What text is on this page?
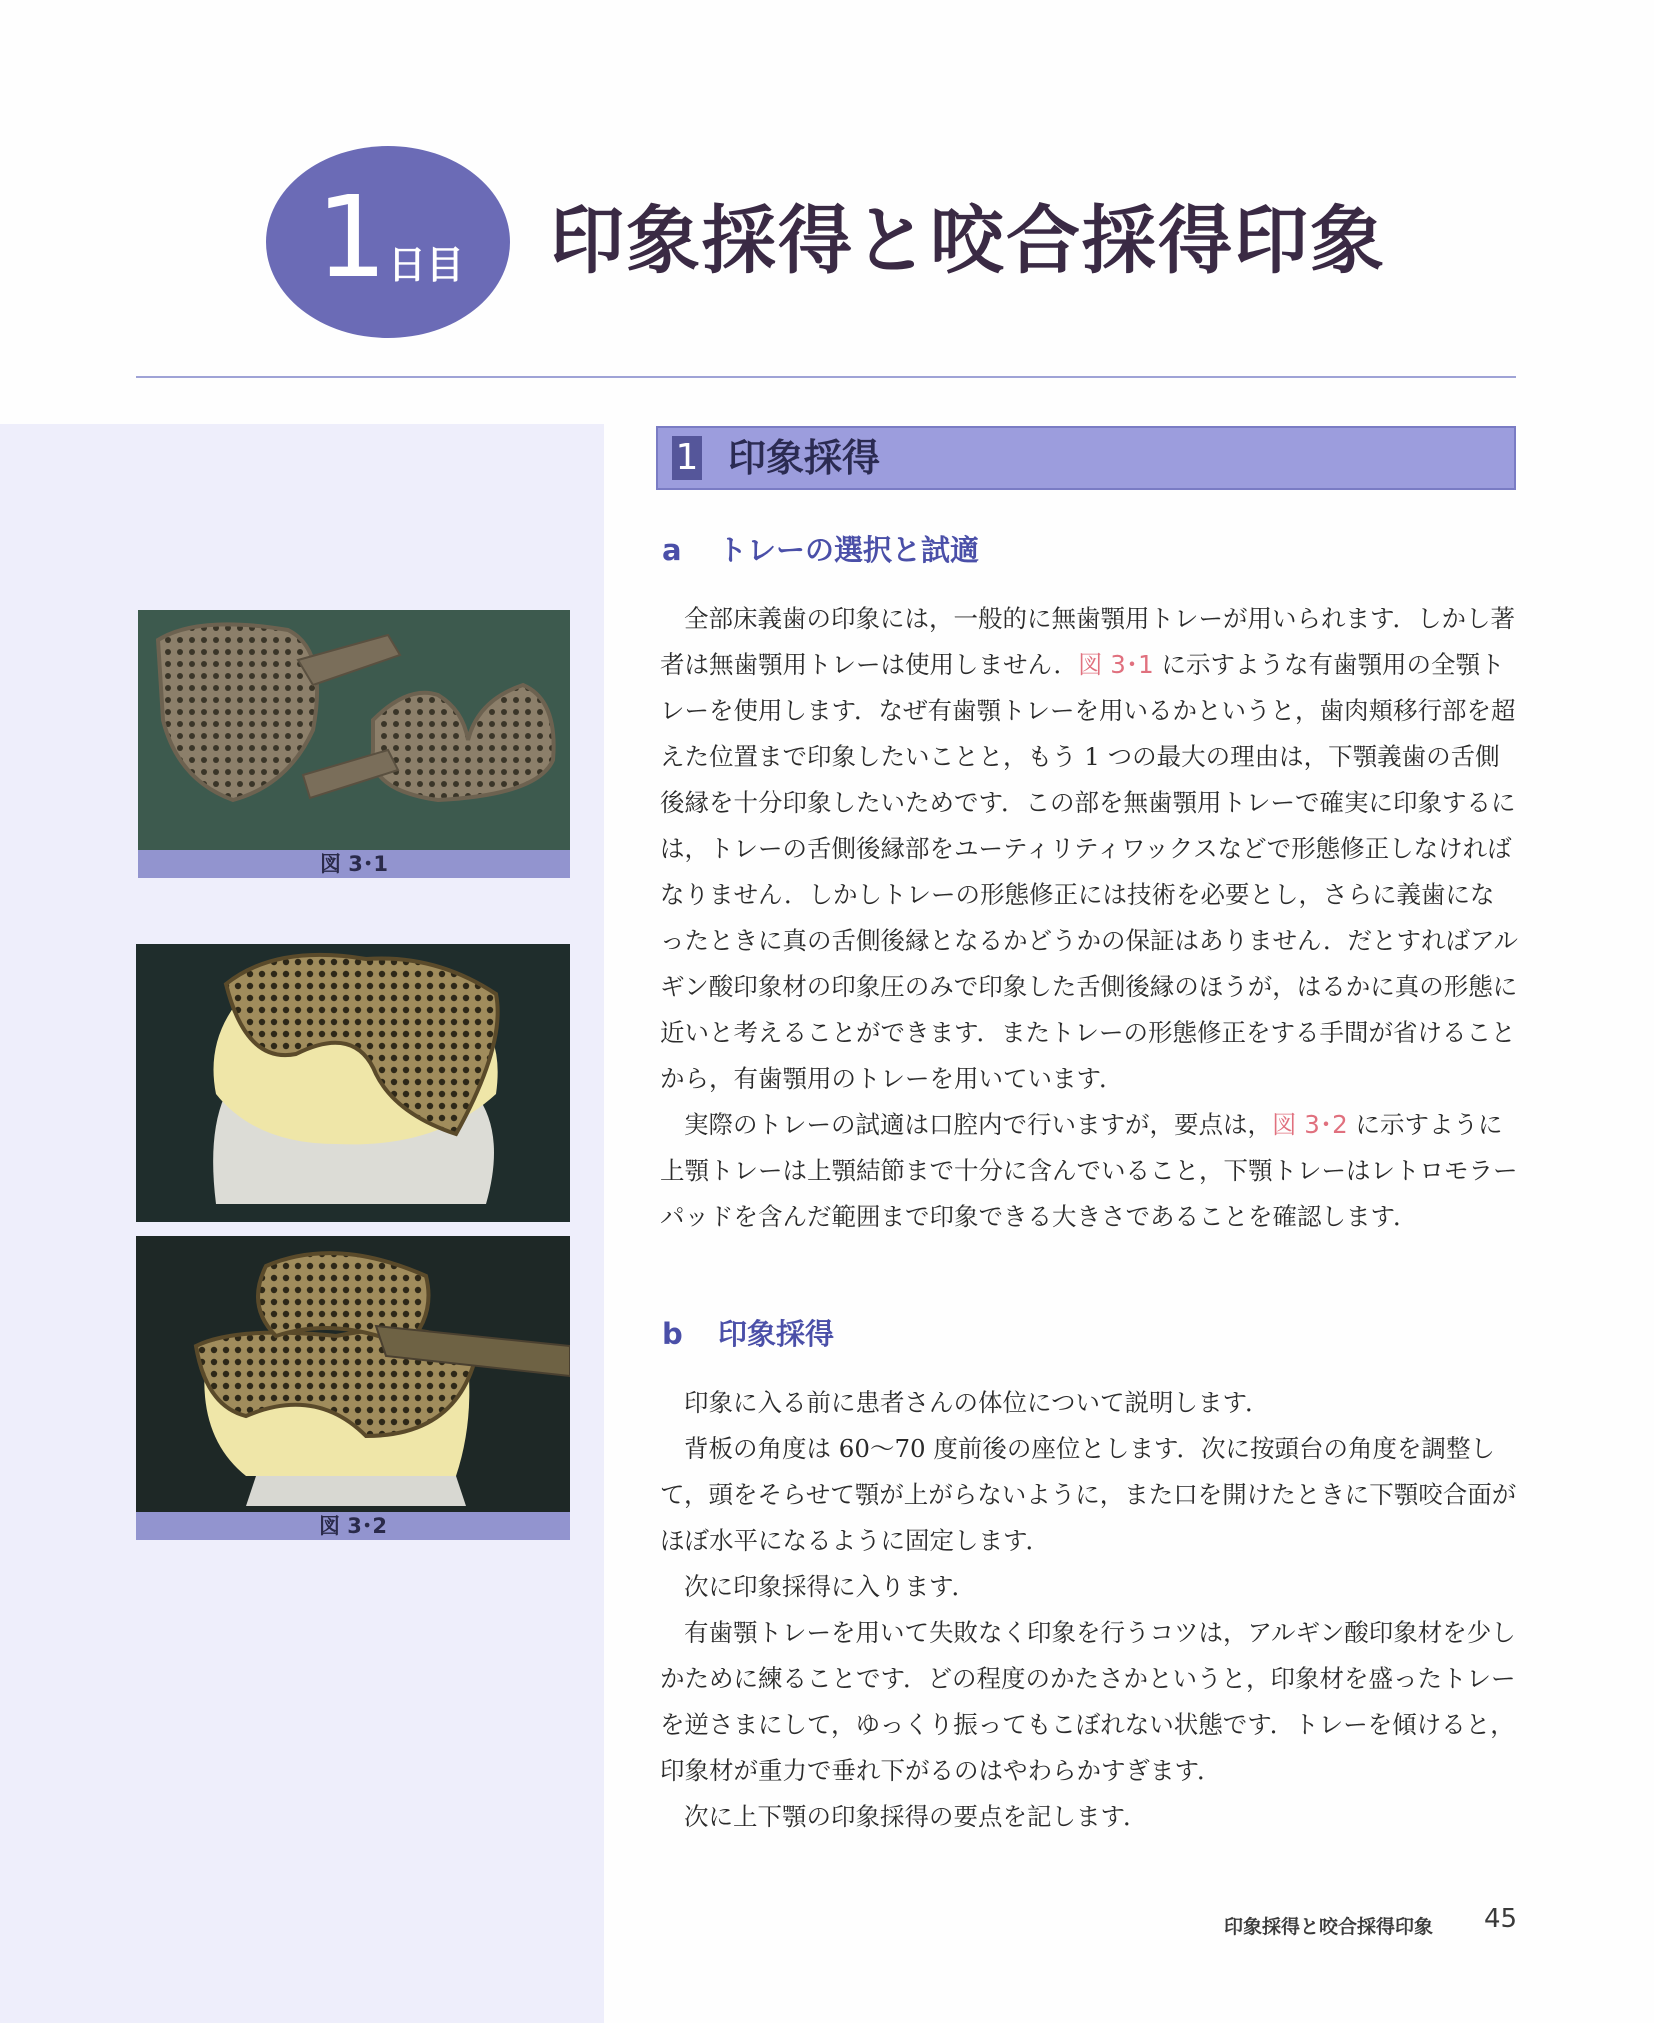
1 日目 印象採得と咬合採得印象
図 3･1
図 3･2
1 印象採得
a トレーの選択と試適

全部床義歯の印象には，一般的に無歯顎用トレーが用いられます．しかし著者は無歯顎用トレーは使用しません．図 3･1 に示すような有歯顎用の全顎トレーを使用します．なぜ有歯顎トレーを用いるかというと，歯肉頬移行部を超えた位置まで印象したいことと，もう 1 つの最大の理由は，下顎義歯の舌側後縁を十分印象したいためです．この部を無歯顎用トレーで確実に印象するには，トレーの舌側後縁部をユーティリティワックスなどで形態修正しなければなりません．しかしトレーの形態修正には技術を必要とし，さらに義歯になったときに真の舌側後縁となるかどうかの保証はありません．だとすればアルギン酸印象材の印象圧のみで印象した舌側後縁のほうが，はるかに真の形態に近いと考えることができます．またトレーの形態修正をする手間が省けることから，有歯顎用のトレーを用いています．

実際のトレーの試適は口腔内で行いますが，要点は，図 3･2 に示すように上顎トレーは上顎結節まで十分に含んでいること，下顎トレーはレトロモラーパッドを含んだ範囲まで印象できる大きさであることを確認します．

b 印象採得

印象に入る前に患者さんの体位について説明します．

背板の角度は 60～70 度前後の座位とします．次に按頭台の角度を調整して，頭をそらせて顎が上がらないように，また口を開けたときに下顎咬合面がほぼ水平になるように固定します．

次に印象採得に入ります．

有歯顎トレーを用いて失敗なく印象を行うコツは，アルギン酸印象材を少しかために練ることです．どの程度のかたさかというと，印象材を盛ったトレーを逆さまにして，ゆっくり振ってもこぼれない状態です．トレーを傾けると，印象材が重力で垂れ下がるのはやわらかすぎます．

次に上下顎の印象採得の要点を記します．

印象採得と咬合採得印象 45
